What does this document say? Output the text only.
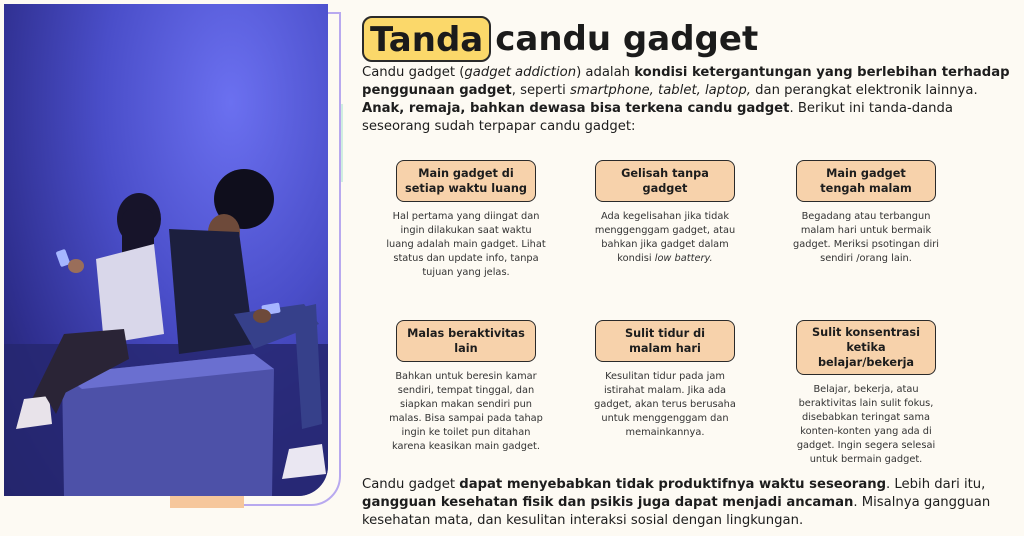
Tanda candu gadget

Candu gadget (gadget addiction) adalah kondisi ketergantungan yang berlebihan terhadap penggunaan gadget, seperti smartphone, tablet, laptop, dan perangkat elektronik lainnya. Anak, remaja, bahkan dewasa bisa terkena candu gadget. Berikut ini tanda-danda seseorang sudah terpapar candu gadget:

Main gadget di setiap waktu luang

Hal pertama yang diingat dan ingin dilakukan saat waktu luang adalah main gadget. Lihat status dan update info, tanpa tujuan yang jelas.

Gelisah tanpa gadget

Ada kegelisahan jika tidak menggenggam gadget, atau bahkan jika gadget dalam kondisi low battery.

Main gadget tengah malam

Begadang atau terbangun malam hari untuk bermaik gadget. Meriksi psotingan diri sendiri /orang lain.

Malas beraktivitas lain

Bahkan untuk beresin kamar sendiri, tempat tinggal, dan siapkan makan sendiri pun malas. Bisa sampai pada tahap ingin ke toilet pun ditahan karena keasikan main gadget.

Sulit tidur di malam hari

Kesulitan tidur pada jam istirahat malam. Jika ada gadget, akan terus berusaha untuk menggenggam dan memainkannya.

Sulit konsentrasi ketika belajar/bekerja

Belajar, bekerja, atau beraktivitas lain sulit fokus, disebabkan teringat sama konten-konten yang ada di gadget. Ingin segera selesai untuk bermain gadget.

Candu gadget dapat menyebabkan tidak produktifnya waktu seseorang. Lebih dari itu, gangguan kesehatan fisik dan psikis juga dapat menjadi ancaman. Misalnya gangguan kesehatan mata, dan kesulitan interaksi sosial dengan lingkungan.
